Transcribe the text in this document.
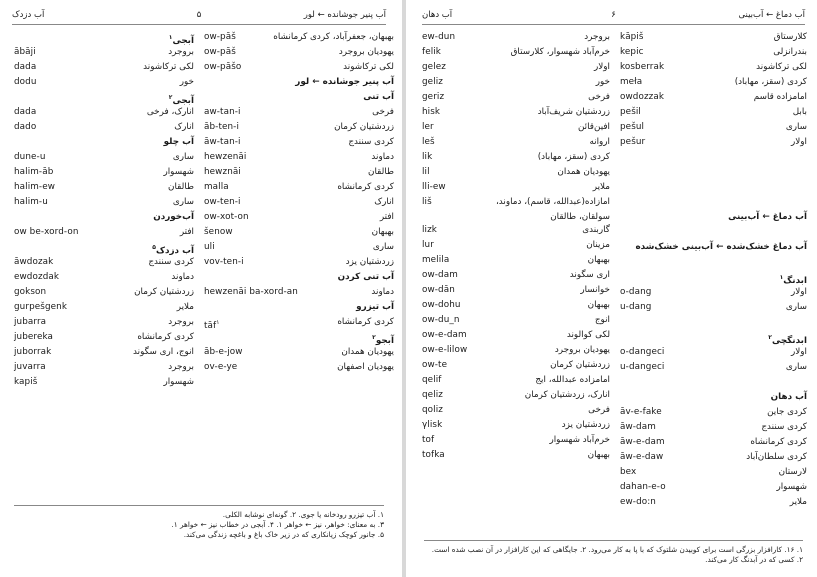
آب پنیر جوشانده ← لور
۵
آب دزدک
بهبهان، جعفرآباد، کردی کرمانشاه
ow-pāš
یهودیان بروجرد
ow-pāš
لکی ترکاشوند
ow-pāšo
آب پنیر جوشانده ← لور
آب تنی
فرخی
aw-tan-i
زردشتیان کرمان
āb-ten-i
کردی سنندج
āw-tan-i
دماوند
hewzenāi
طالقان
hewznāi
کردی کرمانشاه
malla
انارک
ow-ten-i
افتر
ow-xot-on
بهبهان
šenow
ساری
uli
زردشتیان یزد
vov-ten-i
آب تنی کردن
دماوند
hewzenāi ba-xord-an
آب تیزرو
کردی کرمانشاه
tāf$^۱$
آبجو$^۲$
یهودیان همدان
āb-e-jow
یهودیان اصفهان
ov-e-ye
آبجی$^۱$
بروجرد
ābāji
لکی ترکاشوند
dada
خور
dodu
آبجی$^۲$
انارک، فرخی
dada
انارک
dado
آب چلو
ساری
dune-u
شهسوار
halim-āb
طالقان
halim-ew
ساری
halim-u
آب‌خوردن
افتر
ow be-xord-on
آب دزدک$^۵$
کردی سنندج
āwdozak
دماوند
ewdozdak
زردشتیان کرمان
gokson
ملایر
gurpešgenk
بروجرد
jubarra
کردی کرمانشاه
jubereka
انوج، اری سگوند
juborrak
بروجرد
juvarra
شهسوار
kapiš
۱. آب تیزرو رودخانه یا جوی. ۲. گونه‌ای نوشابه الکلی.
۳. به معنای: خواهر، نیز ← خواهر ۱. ۴. آبجی در خطاب نیز ← خواهر ۱.
۵. جانور کوچک زیانکاری که در زیر خاک باغ و باغچه زندگی می‌کند.
آب دماغ ← آب‌بینی
۶
آب دهان
کلارستاق
kāpiš
بندرانزلی
kepic
لکی ترکاشوند
kosberrak
کردی (سقز، مهاباد)
meła
امامزاده قاسم
owdozzak
بابل
pešil
ساری
pešul
اولار
pešur
آب دماغ ← آب‌بینی
آب دماغ خشک‌شده ← آب‌بینی خشک‌شده
ابدنگ$^۱$
اولار
o-dang
ساری
u-dang
ابدنگچی$^۲$
اولار
o-dangeci
ساری
u-dangeci
آب دهان
کردی جاین
āv-e-fake
کردی سنندج
āw-dam
کردی کرمانشاه
āw-e-dam
کردی سلطان‌آباد
āw-e-daw
لارستان
bex
شهسوار
dahan-e-o
ملایر
ew-do:n
بروجرد
ew-dun
خرم‌آباد شهسوار، کلارستاق
felik
اولار
gelez
خور
geliz
فرخی
geriz
زردشتیان شریف‌آباد
hisk
افین‌قائن
ler
اروانه
leš
کردی (سقز، مهاباد)
lik
یهودیان همدان
lil
ملایر
lli-ew
امازاده(عبدالله، قاسم)، دماوند،
liš
سولقان، طالقان
گاربندی
lizk
مزینان
lur
بهبهان
melila
اری سگوند
ow-dam
خوانسار
ow-dān
بهبهان
ow-dohu
انوج
ow-du_n
لکی کوالوند
ow-e-dam
یهودیان بروجرد
ow-e-lilow
زردشتیان کرمان
ow-te
امامزاده عبدالله، ایج
qelif
انارک، زردشتیان کرمان
qeliz
فرخی
qoliz
زردشتیان یزد
γlisk
خرم‌آباد شهسوار
tof
بهبهان
tofka
۱. ۱۶. کارافزار بزرگی است برای کوبیدن شلتوک که با پا به کار می‌رود. ۲. جایگاهی که این کارافزار در آن نصب شده است.
۲. کسی که در آبدنگ کار می‌کند.
